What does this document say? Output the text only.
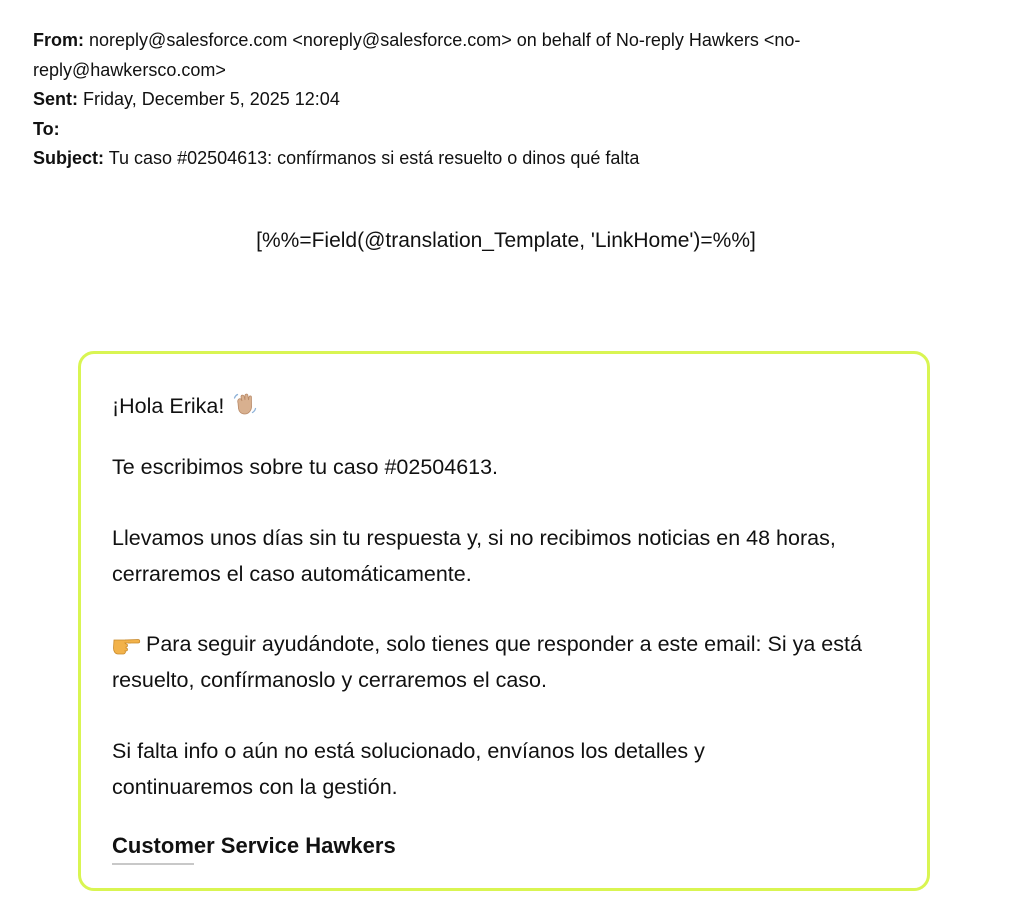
From: noreply@salesforce.com <noreply@salesforce.com> on behalf of No-reply Hawkers <no-reply@hawkersco.com>
Sent: Friday, December 5, 2025 12:04
To:
Subject: Tu caso #02504613: confírmanos si está resuelto o dinos qué falta
[%%=Field(@translation_Template, 'LinkHome')=%%]

¡Hola Erika!

Te escribimos sobre tu caso #02504613.

Llevamos unos días sin tu respuesta y, si no recibimos noticias en 48 horas, cerraremos el caso automáticamente.

Para seguir ayudándote, solo tienes que responder a este email: Si ya está resuelto, confírmanoslo y cerraremos el caso.

Si falta info o aún no está solucionado, envíanos los detalles y continuaremos con la gestión.

Customer Service Hawkers
